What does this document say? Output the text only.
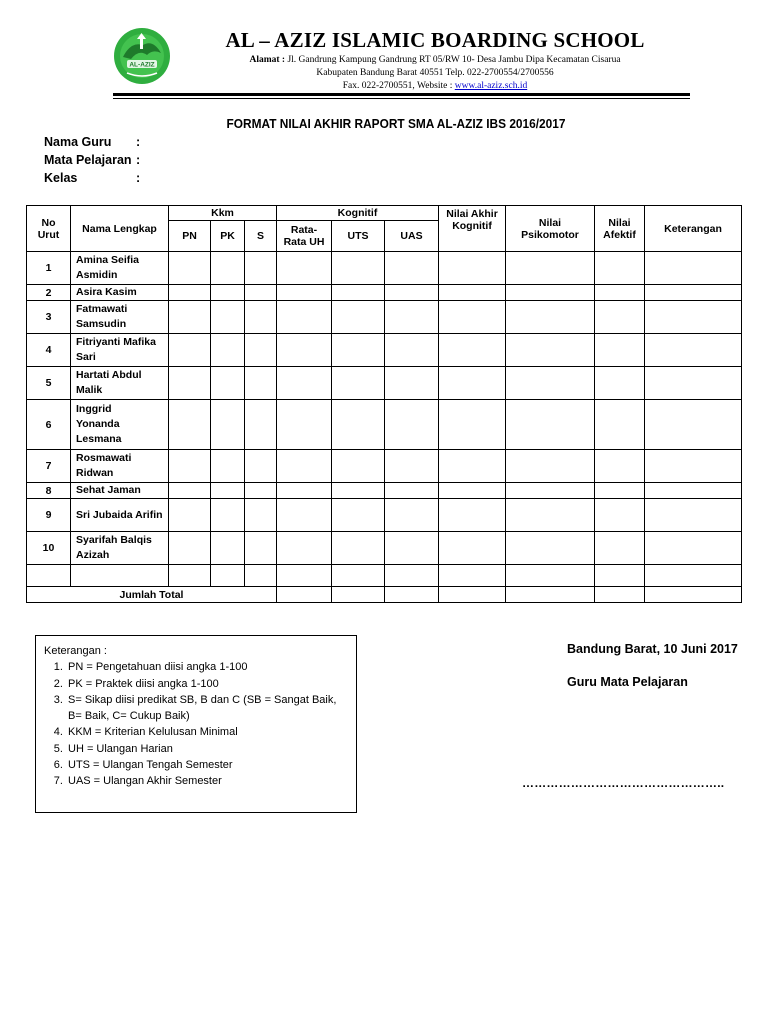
AL-AZIZ
AL – AZIZ ISLAMIC BOARDING SCHOOL
Alamat : Jl. Gandrung Kampung Gandrung RT 05/RW 10- Desa Jambu Dipa Kecamatan Cisarua
Kabupaten Bandung Barat 40551 Telp. 022-2700554/2700556
Fax. 022-2700551, Website : www.al-aziz.sch.id
FORMAT NILAI AKHIR RAPORT SMA AL-AZIZ IBS 2016/2017
Nama Guru :
Mata Pelajaran :
Kelas	:
No Urut	Nama Lengkap	Kkm			Kognitif			Nilai Akhir Kognitif	Nilai Psikomotor	Nilai Afektif	Keterangan
		PN	PK	S	Rata-Rata UH	UTS	UAS				
1	Amina Seifia Asmidin										
2	Asira Kasim										
3	Fatmawati Samsudin										
4	Fitriyanti Mafika Sari										
5	Hartati Abdul Malik										
6	Inggrid Yonanda Lesmana										

7	Rosmawati Ridwan										
8	Sehat Jaman										
9	Sri Jubaida Arifin										
10	Syarifah Balqis Azizah										

Jumlah Total											
Keterangan :
1. PN = Pengetahuan diisi angka 1-100
2. PK = Praktek diisi angka 1-100
3. S= Sikap diisi predikat SB, B dan C (SB = Sangat Baik, B= Baik, C= Cukup Baik)
4. KKM = Kriterian Kelulusan Minimal
5. UH = Ulangan Harian
6. UTS = Ulangan Tengah Semester
7. UAS = Ulangan Akhir Semester
Bandung Barat, 10 Juni 2017
Guru Mata Pelajaran
…………………………………………..
